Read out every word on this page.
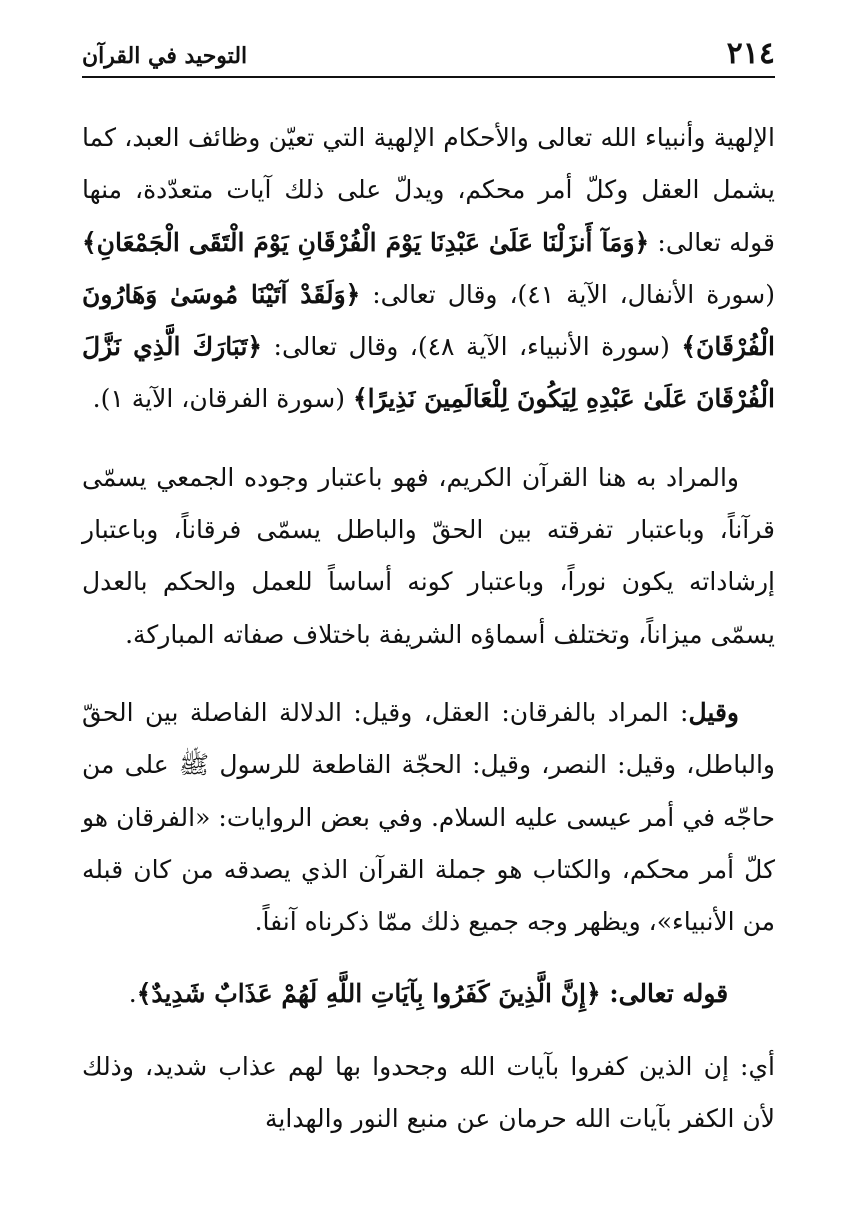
٢١٤
التوحيد في القرآن

الإلهية وأنبياء الله تعالى والأحكام الإلهية التي تعيّن وظائف العبد، كما يشمل العقل وكلّ أمر محكم، ويدلّ على ذلك آيات متعدّدة، منها قوله تعالى: ﴿وَمَآ أَنزَلْنَا عَلَىٰ عَبْدِنَا يَوْمَ الْفُرْقَانِ يَوْمَ الْتَقَى الْجَمْعَانِ﴾ (سورة الأنفال، الآية ٤١)، وقال تعالى: ﴿وَلَقَدْ آتَيْنَا مُوسَىٰ وَهَارُونَ الْفُرْقَانَ﴾ (سورة الأنبياء، الآية ٤٨)، وقال تعالى: ﴿تَبَارَكَ الَّذِي نَزَّلَ الْفُرْقَانَ عَلَىٰ عَبْدِهِ لِيَكُونَ لِلْعَالَمِينَ نَذِيرًا﴾ (سورة الفرقان، الآية ١).

والمراد به هنا القرآن الكريم، فهو باعتبار وجوده الجمعي يسمّى قرآناً، وباعتبار تفرقته بين الحقّ والباطل يسمّى فرقاناً، وباعتبار إرشاداته يكون نوراً، وباعتبار كونه أساساً للعمل والحكم بالعدل يسمّى ميزاناً، وتختلف أسماؤه الشريفة باختلاف صفاته المباركة.

وقيل: المراد بالفرقان: العقل، وقيل: الدلالة الفاصلة بين الحقّ والباطل، وقيل: النصر، وقيل: الحجّة القاطعة للرسول ﷺ على من حاجّه في أمر عيسى عليه السلام. وفي بعض الروايات: «الفرقان هو كلّ أمر محكم، والكتاب هو جملة القرآن الذي يصدقه من كان قبله من الأنبياء»، ويظهر وجه جميع ذلك ممّا ذكرناه آنفاً.

قوله تعالى: ﴿إِنَّ الَّذِينَ كَفَرُوا بِآيَاتِ اللَّهِ لَهُمْ عَذَابٌ شَدِيدٌ﴾.

أي: إن الذين كفروا بآيات الله وجحدوا بها لهم عذاب شديد، وذلك لأن الكفر بآيات الله حرمان عن منبع النور والهداية
